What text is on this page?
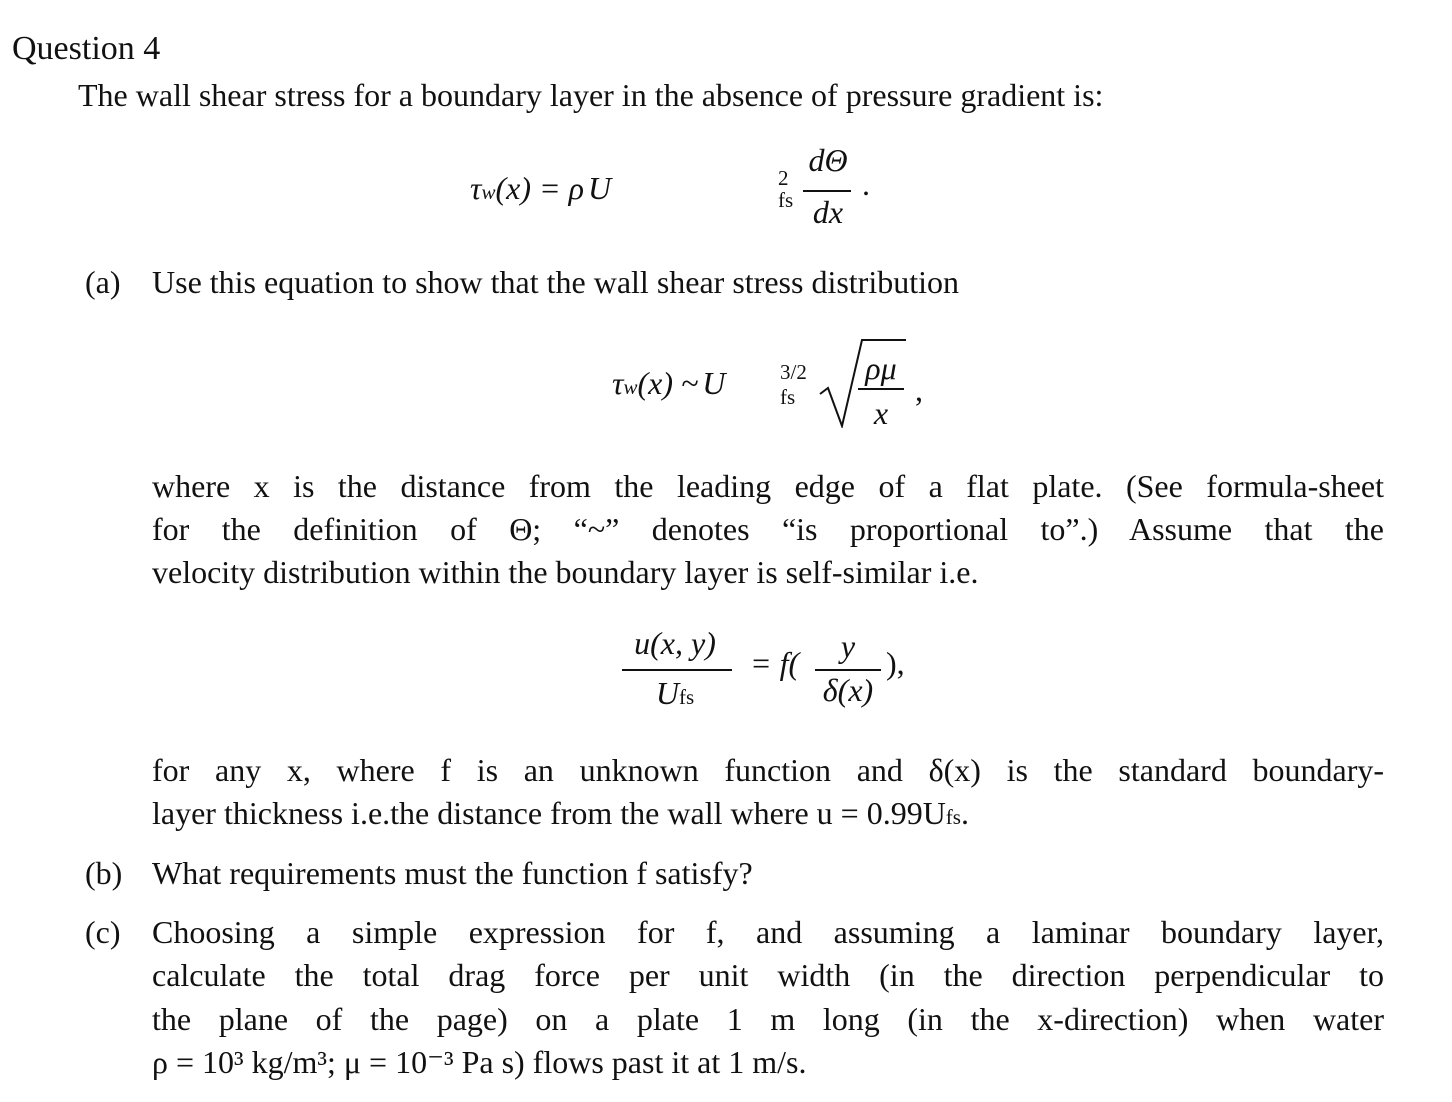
Question 4
The wall shear stress for a boundary layer in the absence of pressure gradient is:
τw(x) = ρ U	2
fs
dΘ
dx
.
(a) Use this equation to show that the wall shear stress distribution
τw(x) ~ U	3/2
fs
ρμ
x
,
where x is the distance from the leading edge of a flat plate. (See formula-sheet
for the definition of Θ; “~” denotes “is proportional to”.) Assume that the
velocity distribution within the boundary layer is self-similar i.e.
u(x, y)
Ufs
= f(	y
δ(x)
),
for any x, where f is an unknown function and δ(x) is the standard boundary-
layer thickness i.e.the distance from the wall where u = 0.99Ufs.
(b) What requirements must the function f satisfy?
(c) Choosing a simple expression for f, and assuming a laminar boundary layer,
calculate the total drag force per unit width (in the direction perpendicular to
the plane of the page) on a plate 1 m long (in the x-direction) when water
ρ = 10³ kg/m³; μ = 10⁻³ Pa s) flows past it at 1 m/s.
